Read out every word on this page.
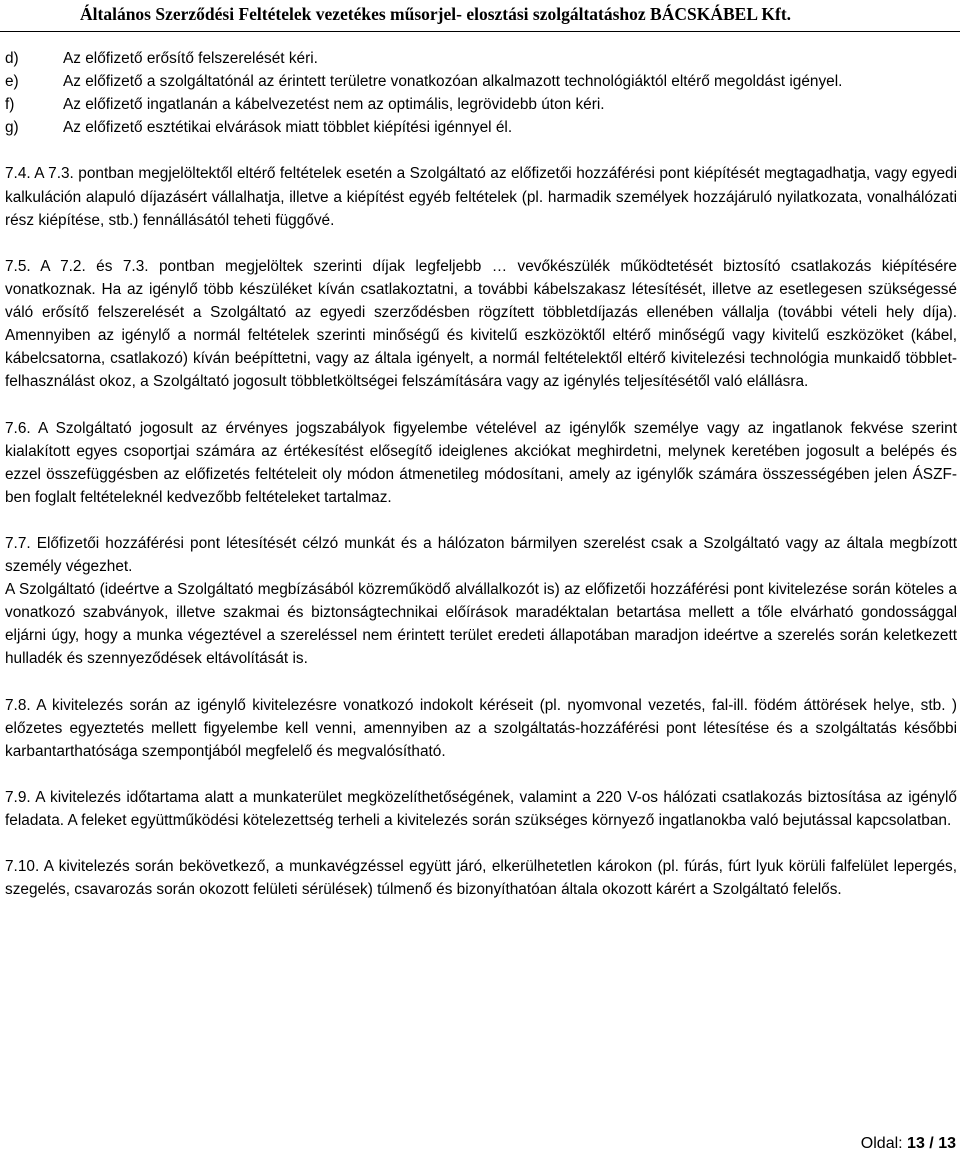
Általános Szerződési Feltételek vezetékes műsorjel- elosztási szolgáltatáshoz BÁCSKÁBEL Kft.
d)	Az előfizető erősítő felszerelését kéri.
e)	Az előfizető a szolgáltatónál az érintett területre vonatkozóan alkalmazott technológiáktól eltérő megoldást igényel.
f)	Az előfizető ingatlanán a kábelvezetést nem az optimális, legrövidebb úton kéri.
g)	Az előfizető esztétikai elvárások miatt többlet kiépítési igénnyel él.

7.4. A 7.3. pontban megjelöltektől eltérő feltételek esetén a Szolgáltató az előfizetői hozzáférési pont kiépítését megtagadhatja, vagy egyedi kalkuláción alapuló díjazásért vállalhatja, illetve a kiépítést egyéb feltételek (pl. harmadik személyek hozzájáruló nyilatkozata, vonalhálózati rész kiépítése, stb.) fennállásától teheti függővé.

7.5. A 7.2. és 7.3. pontban megjelöltek szerinti díjak legfeljebb … vevőkészülék működtetését biztosító csatlakozás kiépítésére vonatkoznak. Ha az igénylő több készüléket kíván csatlakoztatni, a további kábelszakasz létesítését, illetve az esetlegesen szükségessé váló erősítő felszerelését a Szolgáltató az egyedi szerződésben rögzített többletdíjazás ellenében vállalja (további vételi hely díja). Amennyiben az igénylő a normál feltételek szerinti minőségű és kivitelű eszközöktől eltérő minőségű vagy kivitelű eszközöket (kábel, kábelcsatorna, csatlakozó) kíván beépíttetni, vagy az általa igényelt, a normál feltételektől eltérő kivitelezési technológia munkaidő többlet-felhasználást okoz, a Szolgáltató jogosult többletköltségei felszámítására vagy az igénylés teljesítésétől való elállásra.

7.6. A Szolgáltató jogosult az érvényes jogszabályok figyelembe vételével az igénylők személye vagy az ingatlanok fekvése szerint kialakított egyes csoportjai számára az értékesítést elősegítő ideiglenes akciókat meghirdetni, melynek keretében jogosult a belépés és ezzel összefüggésben az előfizetés feltételeit oly módon átmenetileg módosítani, amely az igénylők számára összességében jelen ÁSZF-ben foglalt feltételeknél kedvezőbb feltételeket tartalmaz.

7.7. Előfizetői hozzáférési pont létesítését célzó munkát és a hálózaton bármilyen szerelést csak a Szolgáltató vagy az általa megbízott személy végezhet.

A Szolgáltató (ideértve a Szolgáltató megbízásából közreműködő alvállalkozót is) az előfizetői hozzáférési pont kivitelezése során köteles a vonatkozó szabványok, illetve szakmai és biztonságtechnikai előírások maradéktalan betartása mellett a tőle elvárható gondossággal eljárni úgy, hogy a munka végeztével a szereléssel nem érintett terület eredeti állapotában maradjon ideértve a szerelés során keletkezett hulladék és szennyeződések eltávolítását is.

7.8. A kivitelezés során az igénylő kivitelezésre vonatkozó indokolt kéréseit (pl. nyomvonal vezetés, fal-ill. födém áttörések helye, stb. ) előzetes egyeztetés mellett figyelembe kell venni, amennyiben az a szolgáltatás-hozzáférési pont létesítése és a szolgáltatás későbbi karbantarthatósága szempontjából megfelelő és megvalósítható.

7.9. A kivitelezés időtartama alatt a munkaterület megközelíthetőségének, valamint a 220 V-os hálózati csatlakozás biztosítása az igénylő feladata. A feleket együttműködési kötelezettség terheli a kivitelezés során szükséges környező ingatlanokba való bejutással kapcsolatban.

7.10. A kivitelezés során bekövetkező, a munkavégzéssel együtt járó, elkerülhetetlen károkon (pl. fúrás, fúrt lyuk körüli falfelület lepergés, szegelés, csavarozás során okozott felületi sérülések) túlmenő és bizonyíthatóan általa okozott kárért a Szolgáltató felelős.

Oldal: 13 / 13
